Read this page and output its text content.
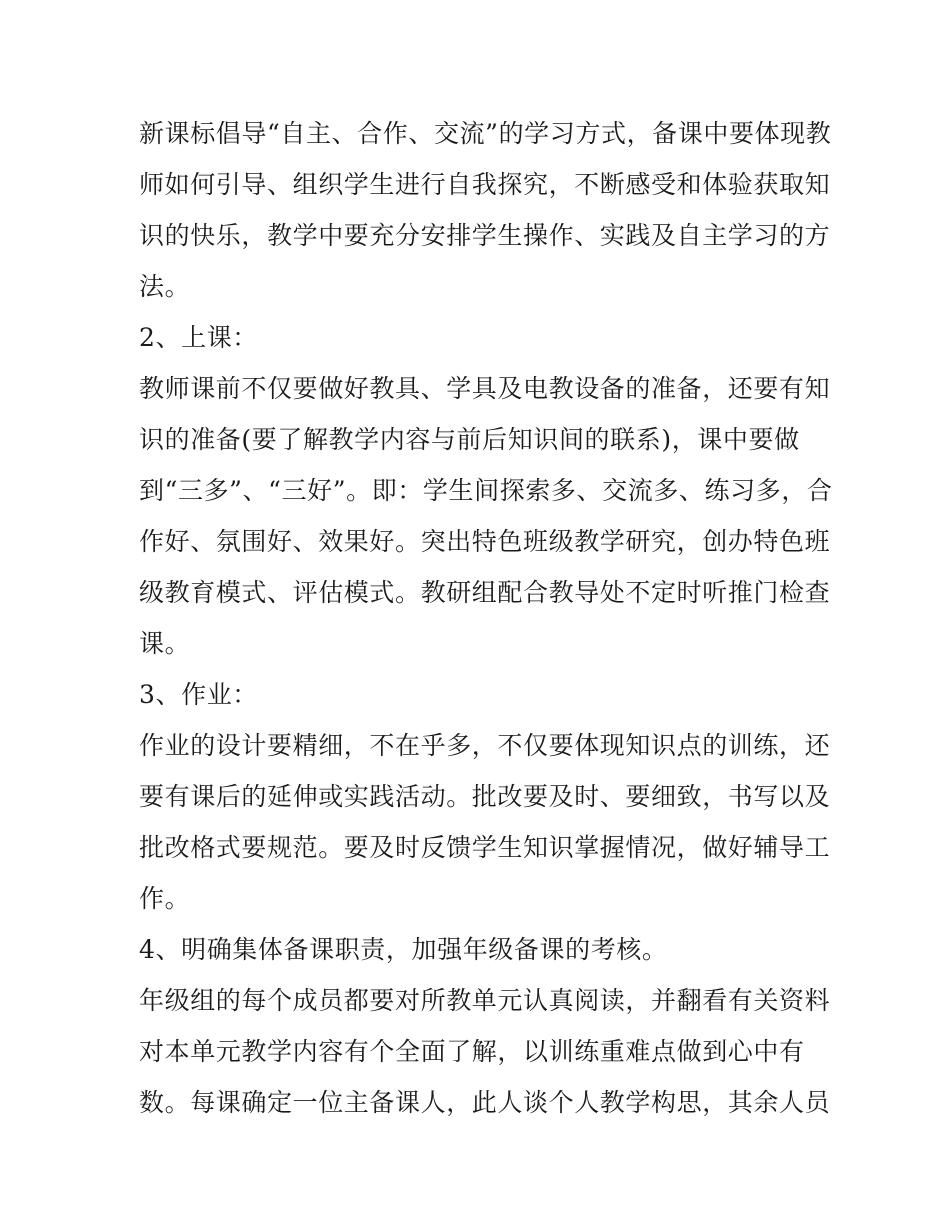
新课标倡导“自主、合作、交流”的学习方式，备课中要体现教
师如何引导、组织学生进行自我探究，不断感受和体验获取知
识的快乐，教学中要充分安排学生操作、实践及自主学习的方
法。
2、上课：
教师课前不仅要做好教具、学具及电教设备的准备，还要有知
识的准备(要了解教学内容与前后知识间的联系)，课中要做
到“三多”、“三好”。即：学生间探索多、交流多、练习多，合
作好、氛围好、效果好。突出特色班级教学研究，创办特色班
级教育模式、评估模式。教研组配合教导处不定时听推门检查
课。
3、作业：
作业的设计要精细，不在乎多，不仅要体现知识点的训练，还
要有课后的延伸或实践活动。批改要及时、要细致，书写以及
批改格式要规范。要及时反馈学生知识掌握情况，做好辅导工
作。
4、明确集体备课职责，加强年级备课的考核。
年级组的每个成员都要对所教单元认真阅读，并翻看有关资料
对本单元教学内容有个全面了解，以训练重难点做到心中有
数。每课确定一位主备课人，此人谈个人教学构思，其余人员
